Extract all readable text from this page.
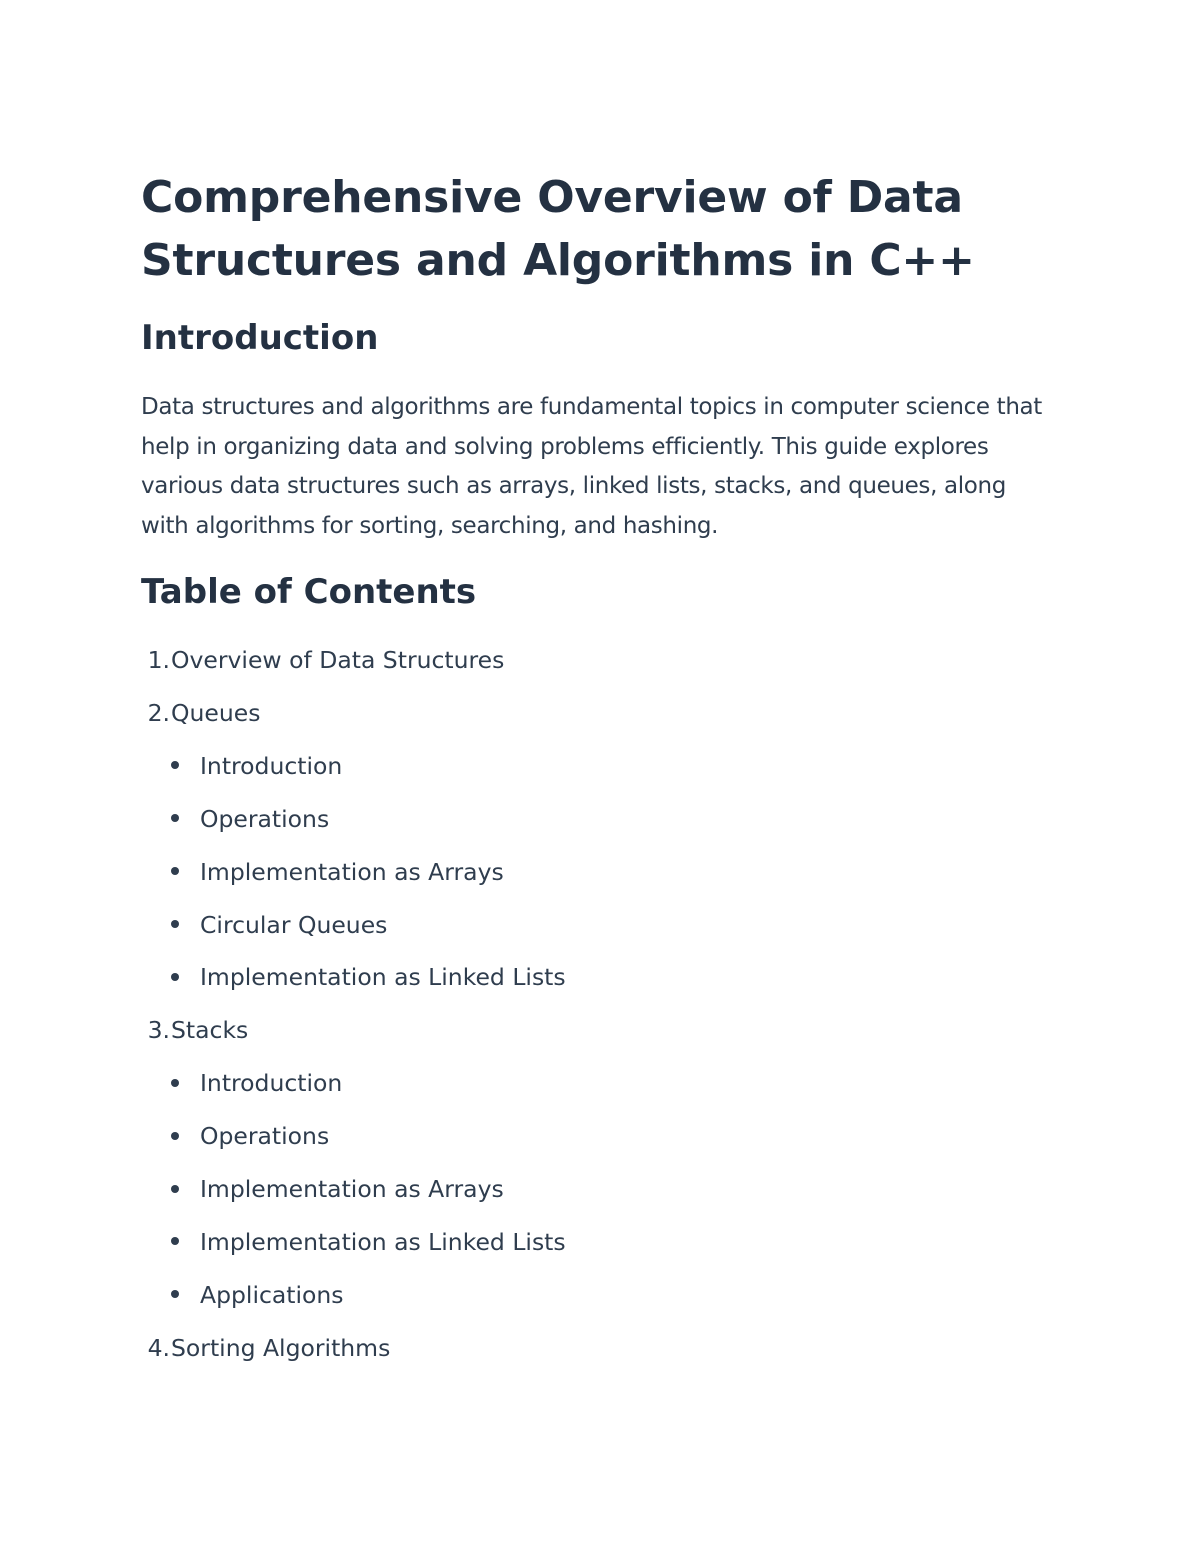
Comprehensive Overview of Data Structures and Algorithms in C++
Introduction

Data structures and algorithms are fundamental topics in computer science that help in organizing data and solving problems efficiently. This guide explores various data structures such as arrays, linked lists, stacks, and queues, along with algorithms for sorting, searching, and hashing.

Table of Contents
1.Overview of Data Structures
2.Queues
Introduction
Operations
Implementation as Arrays
Circular Queues
Implementation as Linked Lists
3.Stacks
Introduction
Operations
Implementation as Arrays
Implementation as Linked Lists
Applications
4.Sorting Algorithms
